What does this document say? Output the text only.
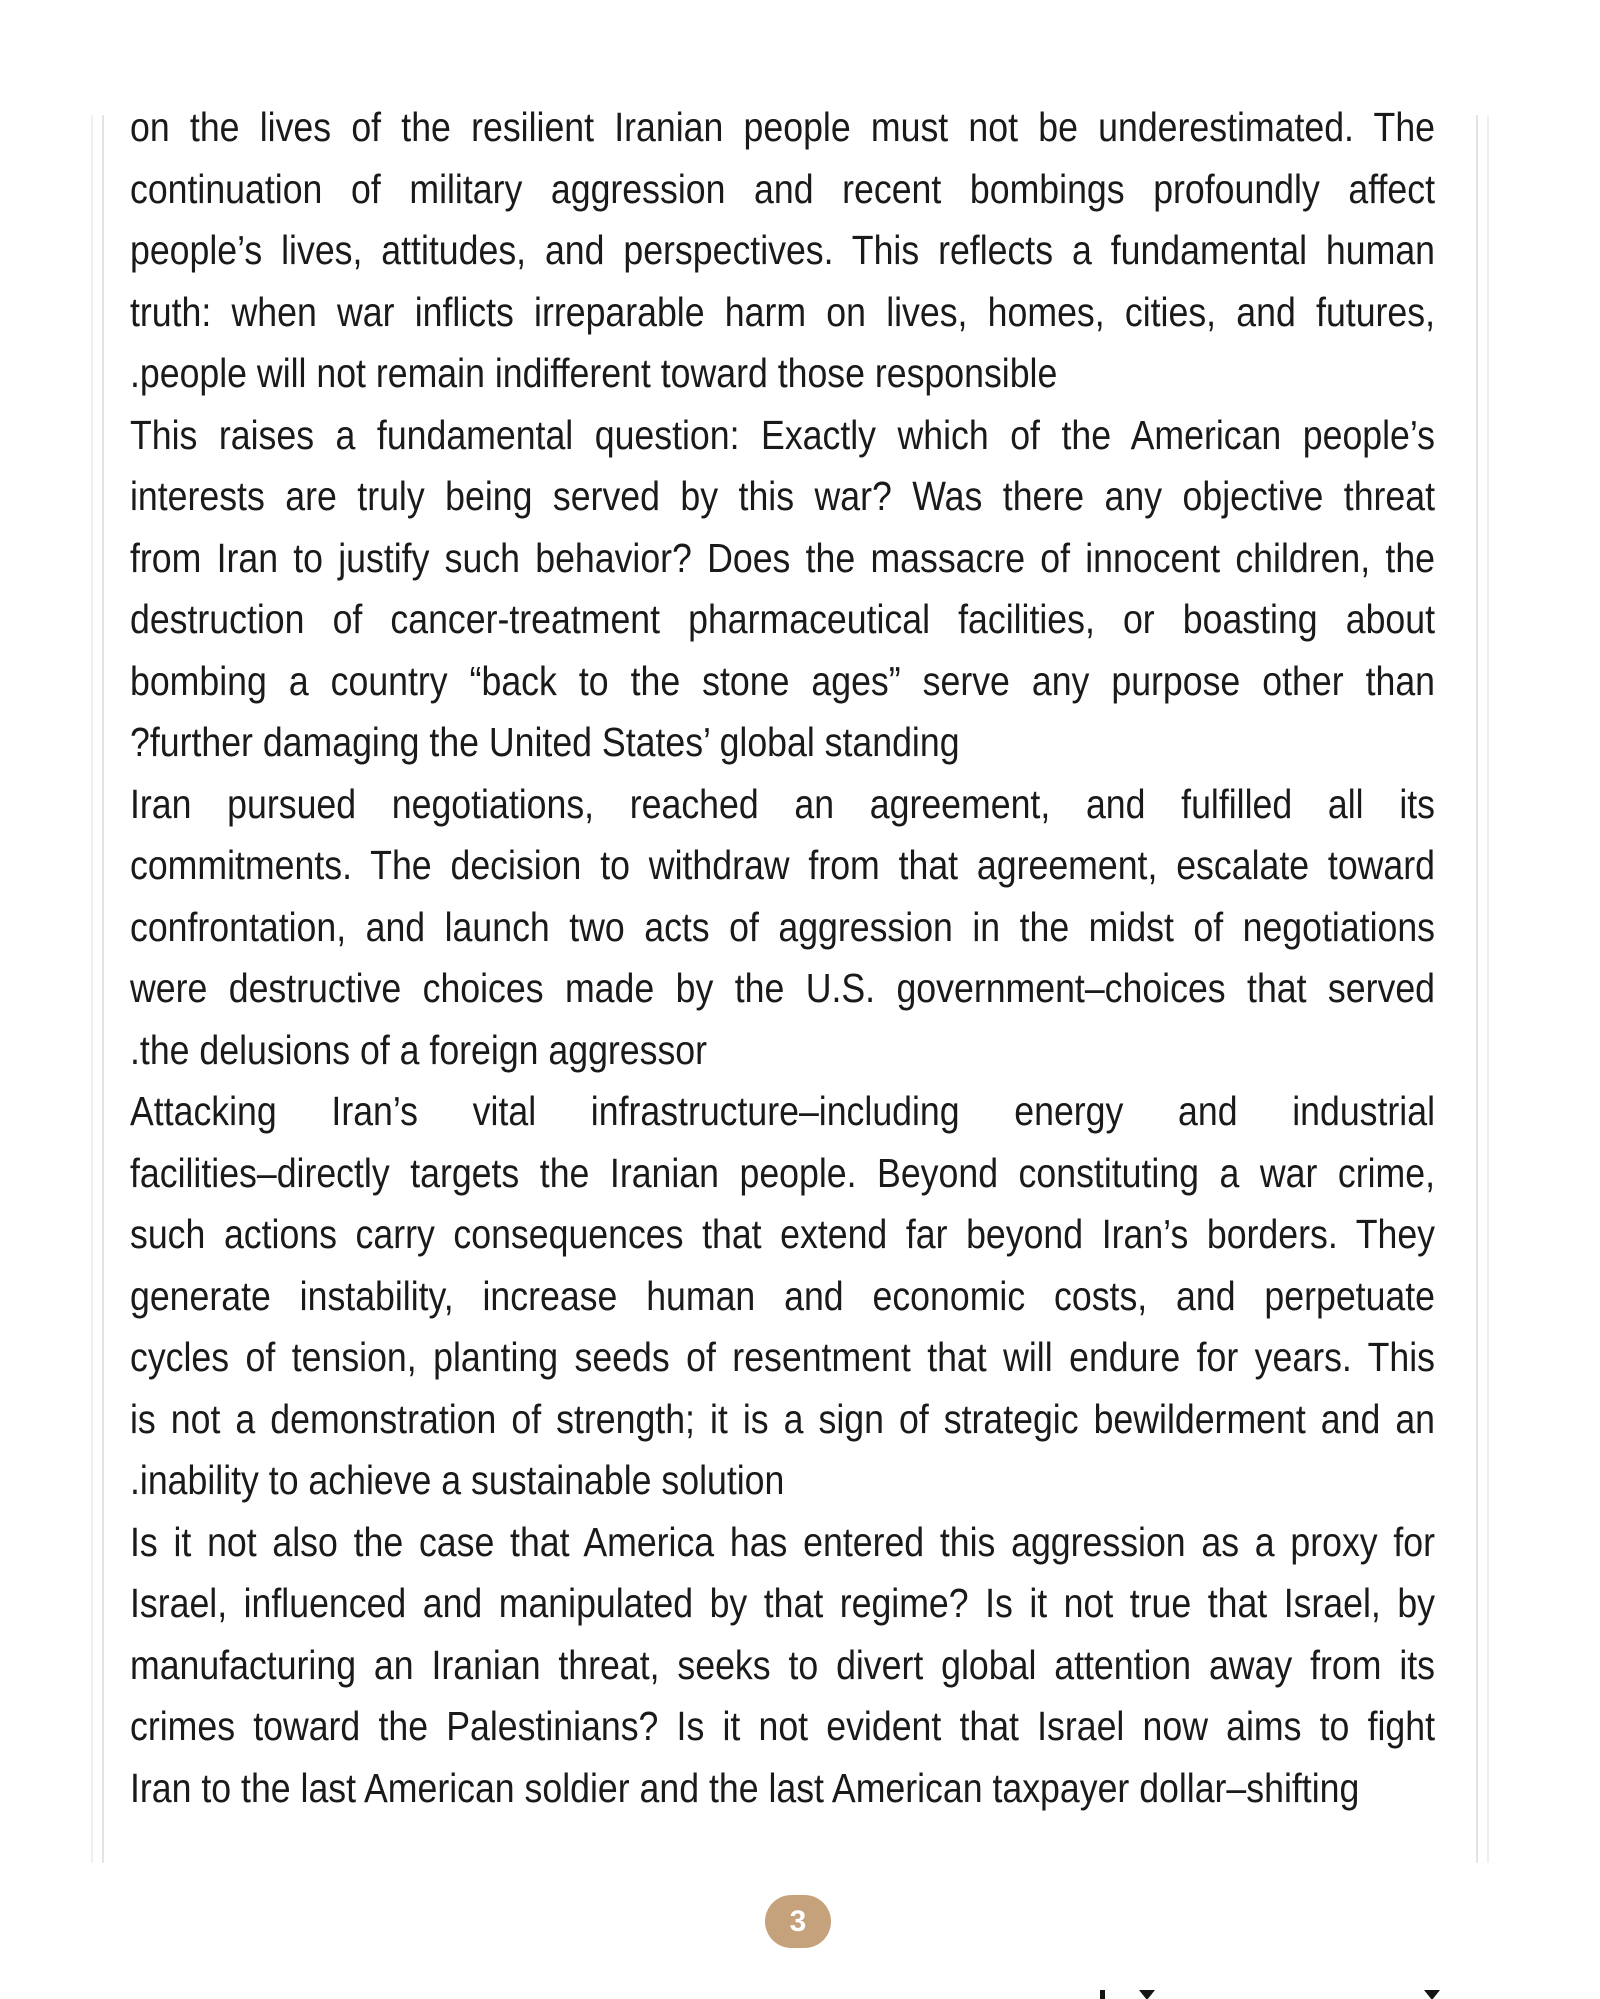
on the lives of the resilient Iranian people must not be underestimated. The
continuation of military aggression and recent bombings profoundly affect
people’s lives, attitudes, and perspectives. This reflects a fundamental human
truth: when war inflicts irreparable harm on lives, homes, cities, and futures,
.people will not remain indifferent toward those responsible
This raises a fundamental question: Exactly which of the American people’s
interests are truly being served by this war? Was there any objective threat
from Iran to justify such behavior? Does the massacre of innocent children, the
destruction of cancer-treatment pharmaceutical facilities, or boasting about
bombing a country “back to the stone ages” serve any purpose other than
?further damaging the United States’ global standing
Iran pursued negotiations, reached an agreement, and fulfilled all its
commitments. The decision to withdraw from that agreement, escalate toward
confrontation, and launch two acts of aggression in the midst of negotiations
were destructive choices made by the U.S. government–choices that served
.the delusions of a foreign aggressor
Attacking Iran’s vital infrastructure–including energy and industrial
facilities–directly targets the Iranian people. Beyond constituting a war crime,
such actions carry consequences that extend far beyond Iran’s borders. They
generate instability, increase human and economic costs, and perpetuate
cycles of tension, planting seeds of resentment that will endure for years. This
is not a demonstration of strength; it is a sign of strategic bewilderment and an
.inability to achieve a sustainable solution
Is it not also the case that America has entered this aggression as a proxy for
Israel, influenced and manipulated by that regime? Is it not true that Israel, by
manufacturing an Iranian threat, seeks to divert global attention away from its
crimes toward the Palestinians? Is it not evident that Israel now aims to fight
Iran to the last American soldier and the last American taxpayer dollar–shifting
3
